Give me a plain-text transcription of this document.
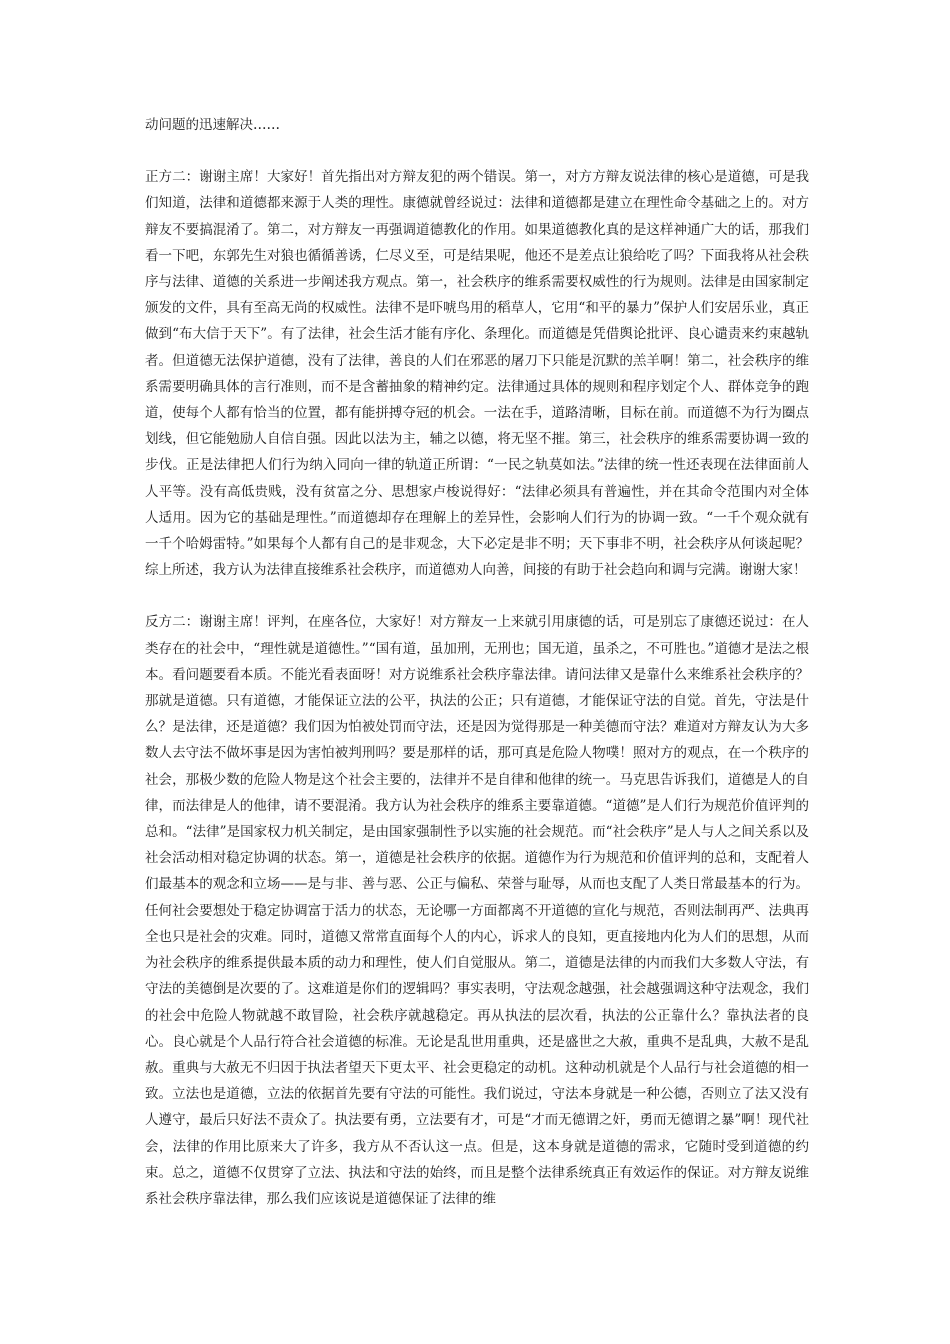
动问题的迅速解决……

正方二：谢谢主席！大家好！首先指出对方辩友犯的两个错误。第一，对方方辩友说法律的核心是道德，可是我们知道，法律和道德都来源于人类的理性。康德就曾经说过：法律和道德都是建立在理性命令基础之上的。对方辩友不要搞混淆了。第二，对方辩友一再强调道德教化的作用。如果道德教化真的是这样神通广大的话，那我们看一下吧，东郭先生对狼也循循善诱，仁尽义至，可是结果呢，他还不是差点让狼给吃了吗？下面我将从社会秩序与法律、道德的关系进一步阐述我方观点。第一，社会秩序的维系需要权威性的行为规则。法律是由国家制定颁发的文件，具有至高无尚的权威性。法律不是吓唬鸟用的稻草人，它用“和平的暴力”保护人们安居乐业，真正做到“布大信于天下”。有了法律，社会生活才能有序化、条理化。而道德是凭借舆论批评、良心谴责来约束越轨者。但道德无法保护道德，没有了法律，善良的人们在邪恶的屠刀下只能是沉默的羔羊啊！第二，社会秩序的维系需要明确具体的言行准则，而不是含蓄抽象的精神约定。法律通过具体的规则和程序划定个人、群体竞争的跑道，使每个人都有恰当的位置，都有能拼搏夺冠的机会。一法在手，道路清晰，目标在前。而道德不为行为圈点划线，但它能勉励人自信自强。因此以法为主，辅之以德，将无坚不摧。第三，社会秩序的维系需要协调一致的步伐。正是法律把人们行为纳入同向一律的轨道正所谓：“一民之轨莫如法。”法律的统一性还表现在法律面前人人平等。没有高低贵贱，没有贫富之分、思想家卢梭说得好：“法律必须具有普遍性，并在其命令范围内对全体人适用。因为它的基础是理性。”而道德却存在理解上的差异性，会影响人们行为的协调一致。“一千个观众就有一千个哈姆雷特。”如果每个人都有自己的是非观念，大下必定是非不明；天下事非不明，社会秩序从何谈起呢？综上所述，我方认为法律直接维系社会秩序，而道德劝人向善，间接的有助于社会趋向和调与完满。谢谢大家！

反方二：谢谢主席！评判，在座各位，大家好！对方辩友一上来就引用康德的话，可是别忘了康德还说过：在人类存在的社会中，“理性就是道德性。”“国有道，虽加刑，无刑也；国无道，虽杀之，不可胜也。”道德才是法之根本。看问题要看本质。不能光看表面呀！对方说维系社会秩序靠法律。请问法律又是靠什么来维系社会秩序的？那就是道德。只有道德，才能保证立法的公平，执法的公正；只有道德，才能保证守法的自觉。首先，守法是什么？是法律，还是道德？我们因为怕被处罚而守法，还是因为觉得那是一种美德而守法？难道对方辩友认为大多数人去守法不做坏事是因为害怕被判刑吗？要是那样的话，那可真是危险人物噗！照对方的观点，在一个秩序的社会，那极少数的危险人物是这个社会主要的，法律并不是自律和他律的统一。马克思告诉我们，道德是人的自律，而法律是人的他律，请不要混淆。我方认为社会秩序的维系主要靠道德。“道德”是人们行为规范价值评判的总和。“法律”是国家权力机关制定，是由国家强制性予以实施的社会规范。而“社会秩序”是人与人之间关系以及社会活动相对稳定协调的状态。第一，道德是社会秩序的依据。道德作为行为规范和价值评判的总和，支配着人们最基本的观念和立场——是与非、善与恶、公正与偏私、荣誉与耻辱，从而也支配了人类日常最基本的行为。任何社会要想处于稳定协调富于活力的状态，无论哪一方面都离不开道德的宣化与规范，否则法制再严、法典再全也只是社会的灾难。同时，道德又常常直面每个人的内心，诉求人的良知，更直接地内化为人们的思想，从而为社会秩序的维系提供最本质的动力和理性，使人们自觉服从。第二，道德是法律的内而我们大多数人守法，有守法的美德倒是次要的了。这难道是你们的逻辑吗？事实表明，守法观念越强，社会越强调这种守法观念，我们的社会中危险人物就越不敢冒险，社会秩序就越稳定。再从执法的层次看，执法的公正靠什么？靠执法者的良心。良心就是个人品行符合社会道德的标准。无论是乱世用重典，还是盛世之大赦，重典不是乱典，大赦不是乱赦。重典与大赦无不归因于执法者望天下更太平、社会更稳定的动机。这种动机就是个人品行与社会道德的相一致。立法也是道德，立法的依据首先要有守法的可能性。我们说过，守法本身就是一种公德，否则立了法又没有人遵守，最后只好法不责众了。执法要有勇，立法要有才，可是“才而无德谓之奸，勇而无德谓之暴”啊！现代社会，法律的作用比原来大了许多，我方从不否认这一点。但是，这本身就是道德的需求，它随时受到道德的约束。总之，道德不仅贯穿了立法、执法和守法的始终，而且是整个法律系统真正有效运作的保证。对方辩友说维系社会秩序靠法律，那么我们应该说是道德保证了法律的维
